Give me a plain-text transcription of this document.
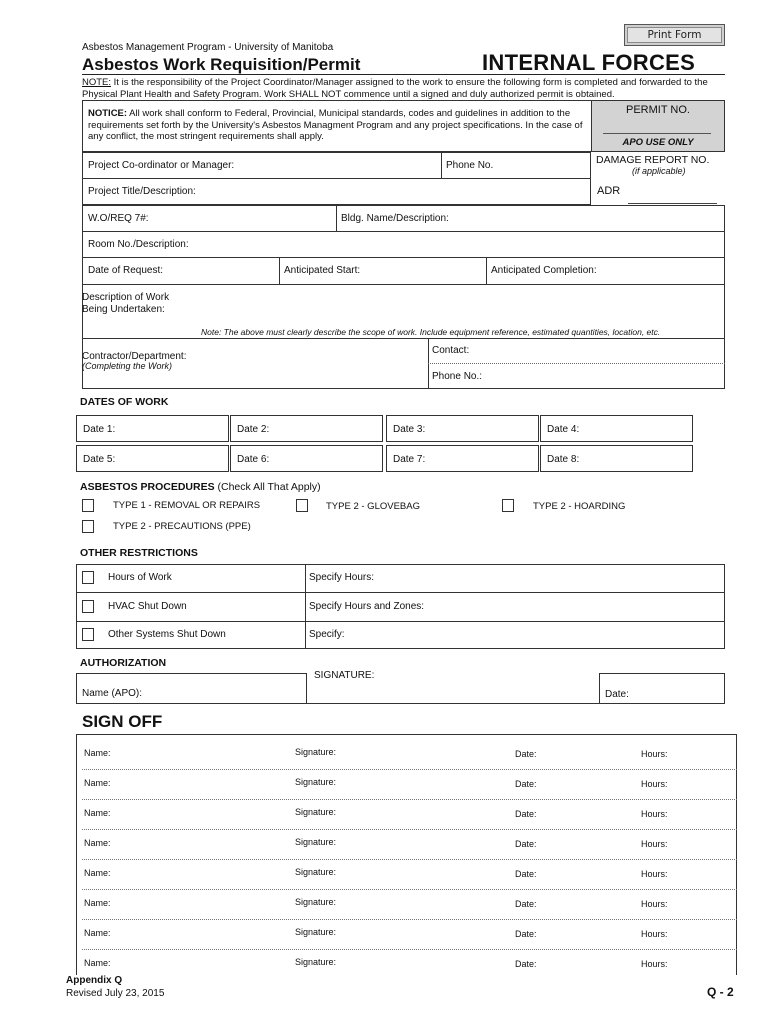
Print Form
Asbestos Management Program - University of Manitoba
Asbestos Work Requisition/Permit	INTERNAL FORCES
NOTE: It is the responsibility of the Project Coordinator/Manager assigned to the work to ensure the following form is completed and forwarded to the Physical Plant Health and Safety Program. Work SHALL NOT commence until a signed and duly authorized permit is obtained.
NOTICE: All work shall conform to Federal, Provincial, Municipal standards, codes and guidelines in addition to the requirements set forth by the University's Asbestos Managment Program and any project specifications. In the case of any conflict, the most stringent requirements shall apply.
PERMIT NO.
APO USE ONLY
Project Co-ordinator or Manager:	Phone No.	DAMAGE REPORT NO.
(if applicable)
Project Title/Description:	ADR
W.O/REQ 7#:	Bldg. Name/Description:
Room No./Description:
Date of Request:	Anticipated Start:	Anticipated Completion:
Description of Work
Being Undertaken:
Note: The above must clearly describe the scope of work. Include equipment reference, estimated quantities, location, etc.
Contractor/Department:
(Completing the Work)
Contact:
Phone No.:
DATES OF WORK
Date 1:	Date 2:	Date 3:	Date 4:
Date 5:	Date 6:	Date 7:	Date 8:
ASBESTOS PROCEDURES (Check All That Apply)
TYPE 1 - REMOVAL OR REPAIRS	TYPE 2 - GLOVEBAG	TYPE 2 - HOARDING
TYPE 2 - PRECAUTIONS (PPE)
OTHER RESTRICTIONS
Hours of Work	Specify Hours:
HVAC Shut Down	Specify Hours and Zones:
Other Systems Shut Down	Specify:
AUTHORIZATION
SIGNATURE:
Name (APO):	Date:
SIGN OFF
Name:	Signature:	Date:	Hours:
Name:	Signature:	Date:	Hours:
Name:	Signature:	Date:	Hours:
Name:	Signature:	Date:	Hours:
Name:	Signature:	Date:	Hours:
Name:	Signature:	Date:	Hours:
Name:	Signature:	Date:	Hours:
Name:	Signature:	Date:	Hours:
Appendix Q
Revised July 23, 2015	Q - 2
